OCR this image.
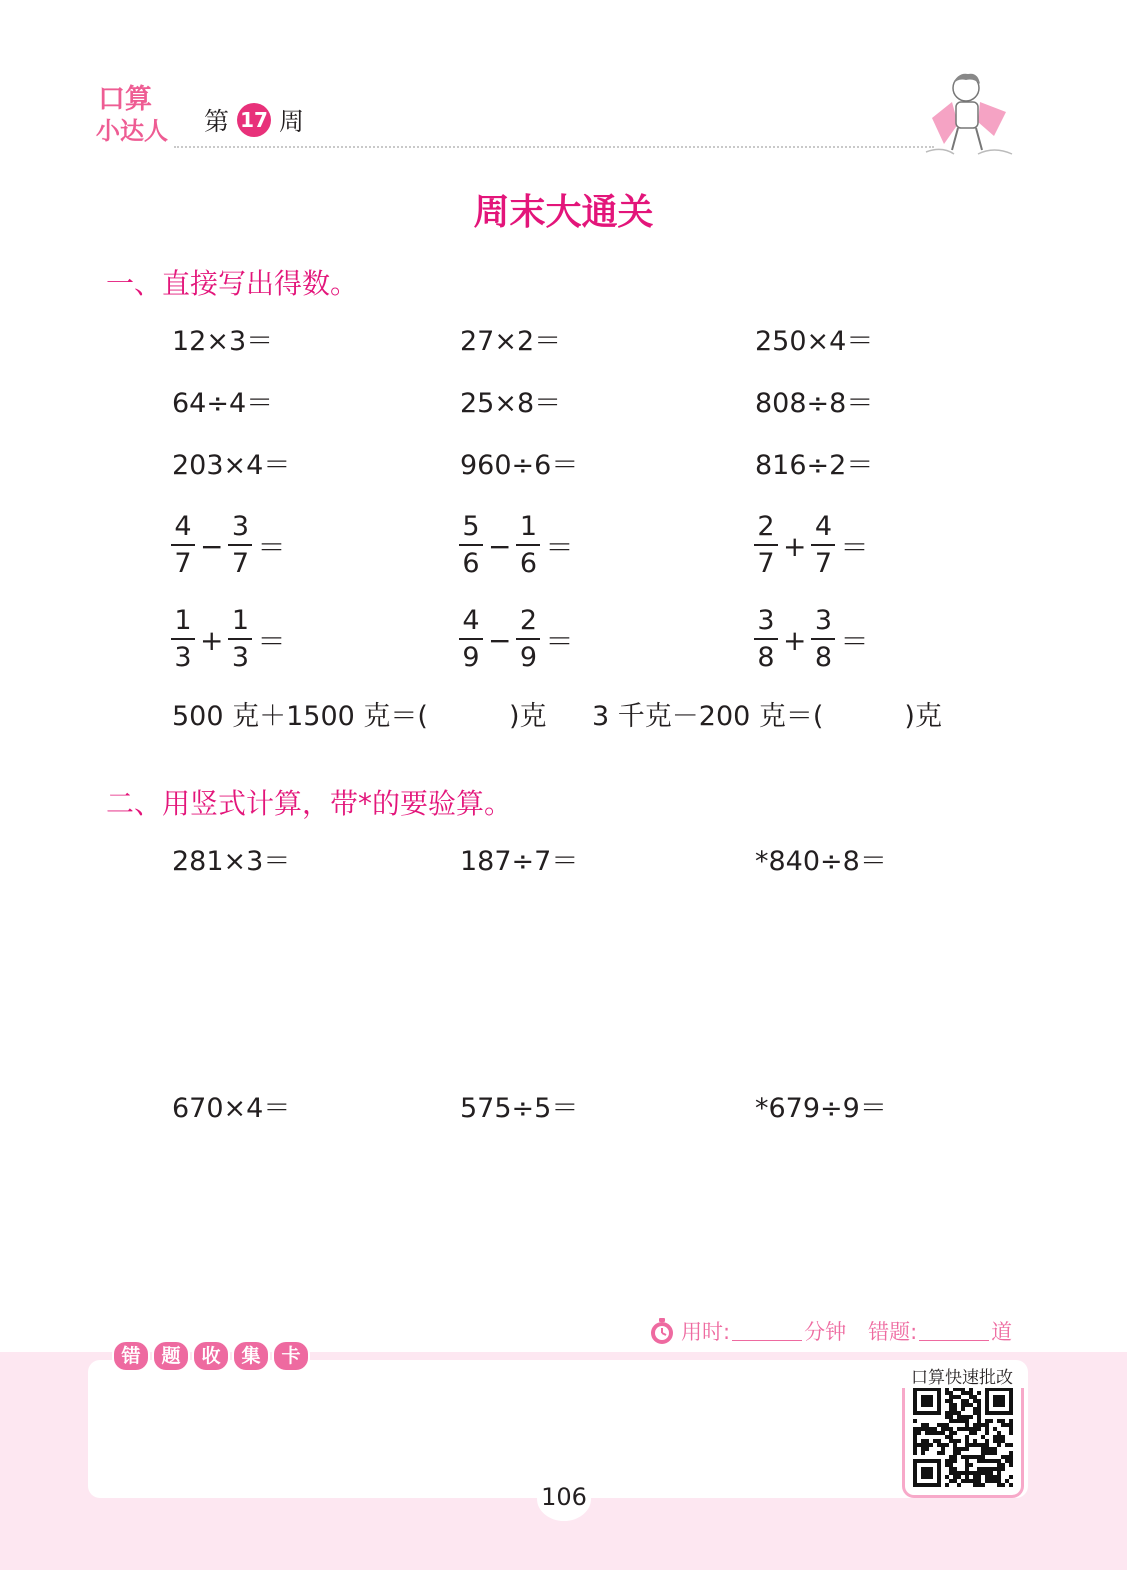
口算
小达人 第 17 周
周末大通关
一、直接写出得数。
12×3＝	27×2＝	250×4＝
64÷4＝	25×8＝	808÷8＝
203×4＝	960÷6＝	816÷2＝
$\frac{4}{7} - \frac{3}{7}$ ＝	$\frac{5}{6} - \frac{1}{6}$ ＝	$\frac{2}{7} + \frac{4}{7}$ ＝
$\frac{1}{3} + \frac{1}{3}$ ＝	$\frac{4}{9} - \frac{2}{9}$ ＝	$\frac{3}{8} + \frac{3}{8}$ ＝
500 克＋1500 克＝(　　　)克 3 千克－200 克＝(　　　)克
二、用竖式计算，带*的要验算。
281×3＝	187÷7＝	*840÷8＝
670×4＝	575÷5＝	*679÷9＝
用时:	分钟 错题:	道
错	题	收	集	卡
口算快速批改
106
